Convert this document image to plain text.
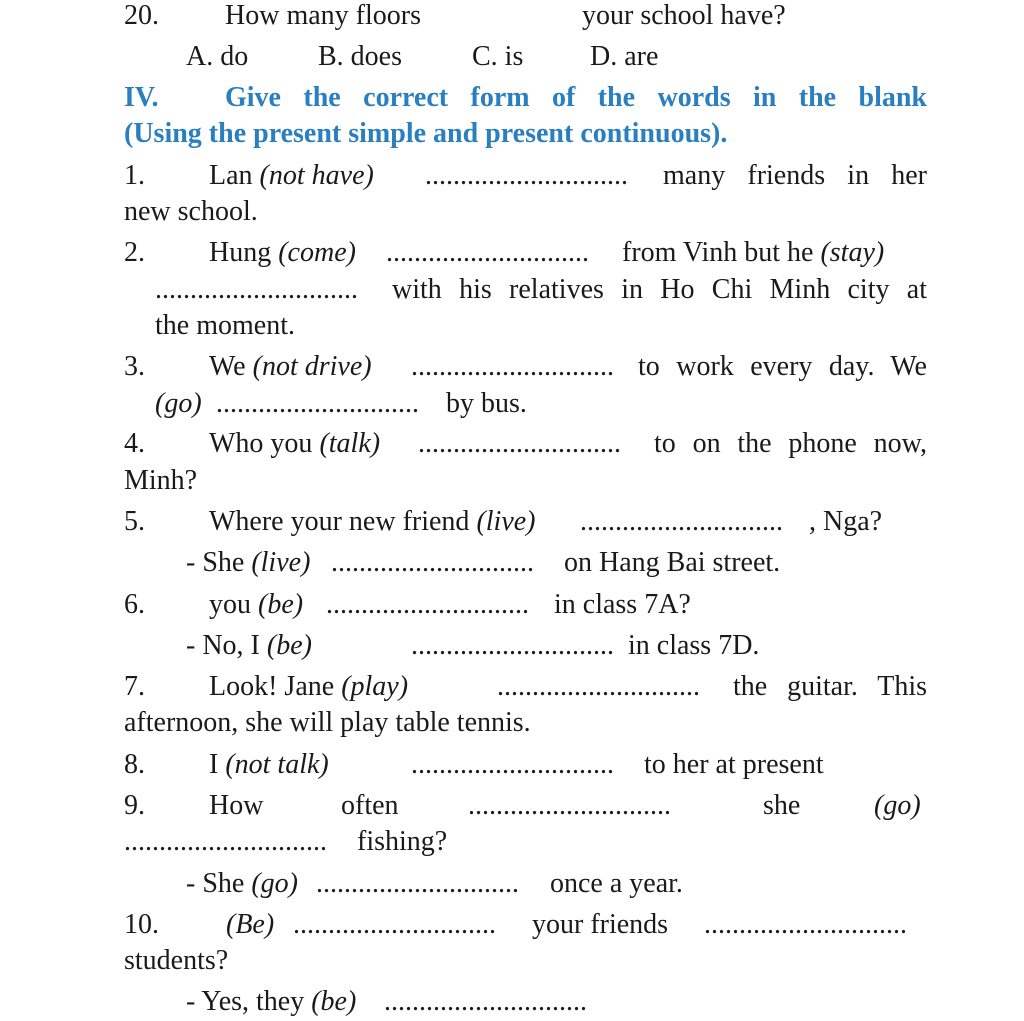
20. How many floors	your school have?
A. do B. does	C. is D. are
IV. Give the correct form of the words in the blank
(Using the present simple and present continuous).
1. Lan (not have) ............................. many friends in her
new school.
2. Hung (come) ............................. from Vinh but he (stay)
............................. with his relatives in Ho Chi Minh city at
the moment.
3. We (not drive) ............................. to work every day. We
(go) ............................. by bus.
4. Who you (talk) ............................. to on the phone now,
Minh?
5. Where your new friend (live) ............................. , Nga?
- She (live) ............................. on Hang Bai street.
6. you (be) ............................. in class 7A?
- No, I (be)	............................. in class 7D.
7. Look! Jane (play)	............................. the guitar. This
afternoon, she will play table tennis.
8. I (not talk)	............................. to her at present
9. How	often .............................	she	(go)
............................. fishing?
- She (go) ............................. once a year.
10. (Be) ............................. your friends .............................
students?
- Yes, they (be) .............................
